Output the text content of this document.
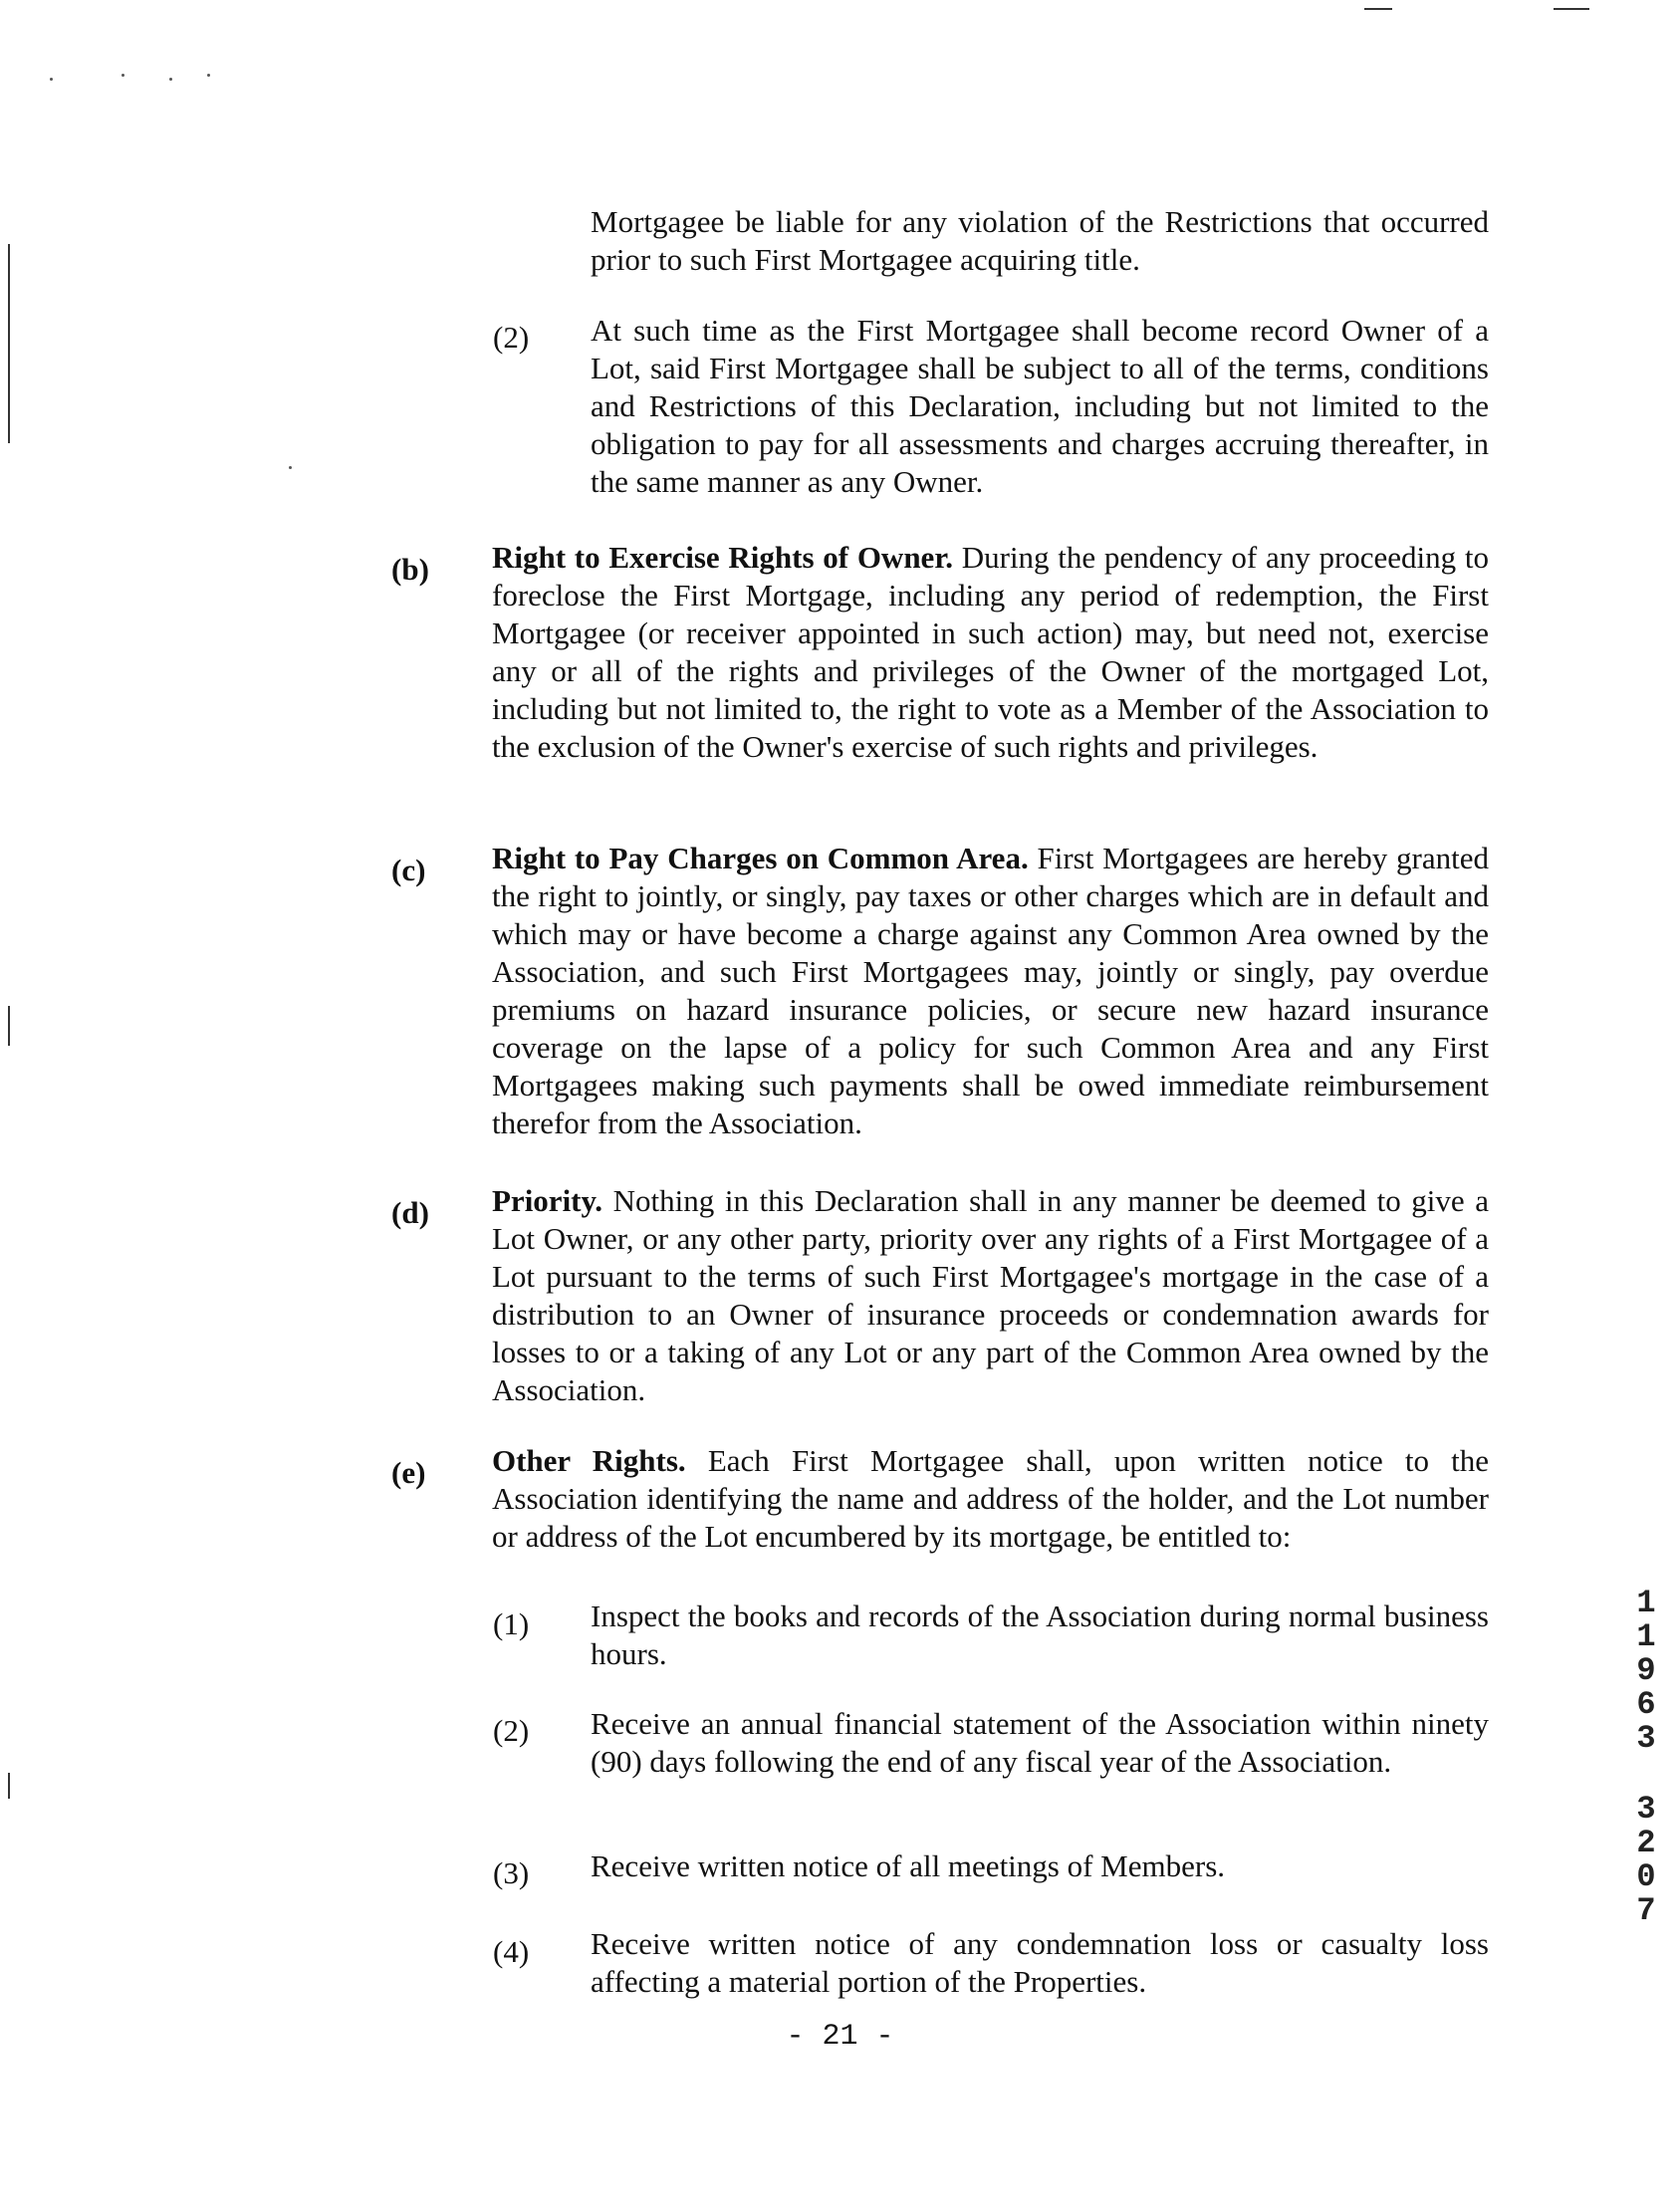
Mortgagee be liable for any violation of the Restrictions that occurred prior to such First Mortgagee acquiring title.

(2) At such time as the First Mortgagee shall become record Owner of a Lot, said First Mortgagee shall be subject to all of the terms, conditions and Restrictions of this Declaration, including but not limited to the obligation to pay for all assessments and charges accruing thereafter, in the same manner as any Owner.

(b) Right to Exercise Rights of Owner. During the pendency of any proceeding to foreclose the First Mortgage, including any period of redemption, the First Mortgagee (or receiver appointed in such action) may, but need not, exercise any or all of the rights and privileges of the Owner of the mortgaged Lot, including but not limited to, the right to vote as a Member of the Association to the exclusion of the Owner's exercise of such rights and privileges.

(c) Right to Pay Charges on Common Area. First Mortgagees are hereby granted the right to jointly, or singly, pay taxes or other charges which are in default and which may or have become a charge against any Common Area owned by the Association, and such First Mortgagees may, jointly or singly, pay overdue premiums on hazard insurance policies, or secure new hazard insurance coverage on the lapse of a policy for such Common Area and any First Mortgagees making such payments shall be owed immediate reimbursement therefor from the Association.

(d) Priority. Nothing in this Declaration shall in any manner be deemed to give a Lot Owner, or any other party, priority over any rights of a First Mortgagee of a Lot pursuant to the terms of such First Mortgagee's mortgage in the case of a distribution to an Owner of insurance proceeds or condemnation awards for losses to or a taking of any Lot or any part of the Common Area owned by the Association.

(e) Other Rights. Each First Mortgagee shall, upon written notice to the Association identifying the name and address of the holder, and the Lot number or address of the Lot encumbered by its mortgage, be entitled to:

(1) Inspect the books and records of the Association during normal business hours.

(2) Receive an annual financial statement of the Association within ninety (90) days following the end of any fiscal year of the Association.

(3) Receive written notice of all meetings of Members.

(4) Receive written notice of any condemnation loss or casualty loss affecting a material portion of the Properties.

- 21 -
1
1
9
6
3
3
2
0
7
